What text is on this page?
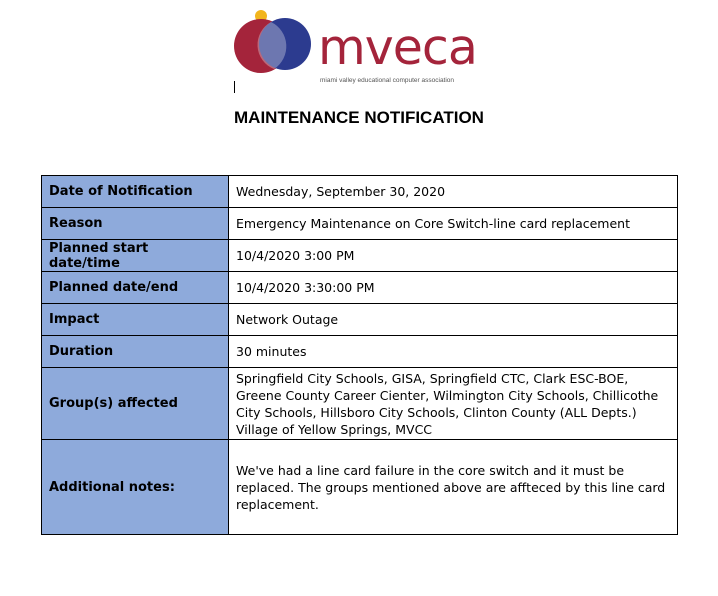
mveca
miami valley educational computer association
MAINTENANCE NOTIFICATION
Date of Notification	Wednesday, September 30, 2020
Reason	Emergency Maintenance on Core Switch-line card replacement
Planned start date/time	10/4/2020 3:00 PM
Planned date/end	10/4/2020 3:30:00 PM
Impact	Network Outage
Duration	30 minutes
Group(s) affected	Springfield City Schools, GISA, Springfield CTC, Clark ESC-BOE, Greene County Career Cienter, Wilmington City Schools, Chillicothe City Schools, Hillsboro City Schools, Clinton County (ALL Depts.) Village of Yellow Springs, MVCC
Additional notes:	We've had a line card failure in the core switch and it must be replaced. The groups mentioned above are affteced by this line card replacement.
